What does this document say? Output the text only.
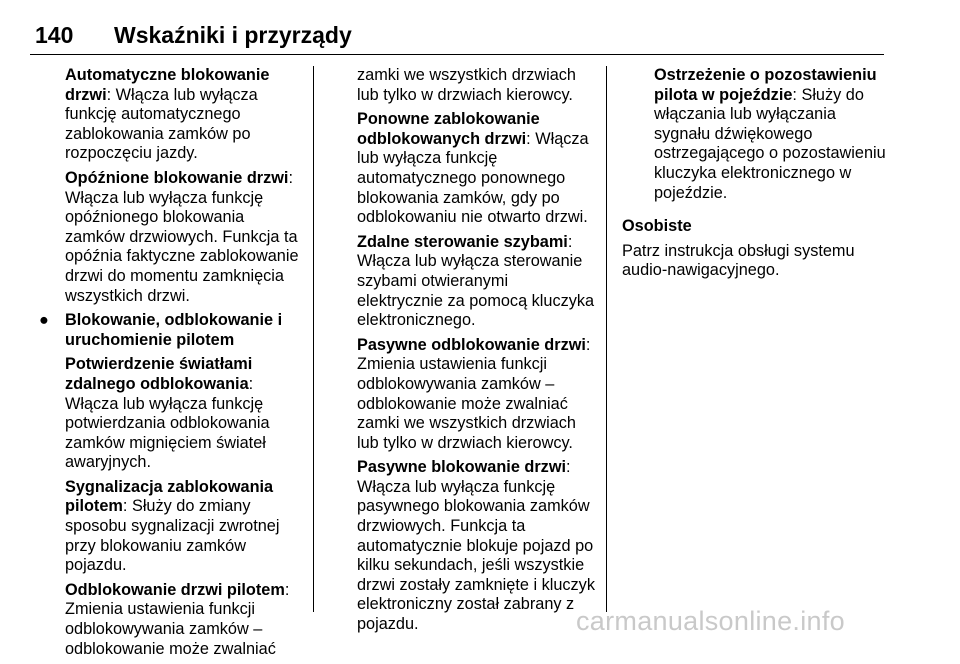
140 Wskaźniki i przyrządy

Automatyczne blokowanie drzwi: Włącza lub wyłącza funkcję automatycznego zablokowania zamków po rozpoczęciu jazdy.

Opóźnione blokowanie drzwi: Włącza lub wyłącza funkcję opóźnionego blokowania zamków drzwiowych. Funkcja ta opóźnia faktyczne zablokowanie drzwi do momentu zamknięcia wszystkich drzwi.

● Blokowanie, odblokowanie i uruchomienie pilotem

Potwierdzenie światłami zdalnego odblokowania: Włącza lub wyłącza funkcję potwierdzania odblokowania zamków mignięciem świateł awaryjnych.

Sygnalizacja zablokowania pilotem: Służy do zmiany sposobu sygnalizacji zwrotnej przy blokowaniu zamków pojazdu.

Odblokowanie drzwi pilotem: Zmienia ustawienia funkcji odblokowywania zamków – odblokowanie może zwalniać

zamki we wszystkich drzwiach lub tylko w drzwiach kierowcy.

Ponowne zablokowanie odblokowanych drzwi: Włącza lub wyłącza funkcję automatycznego ponownego blokowania zamków, gdy po odblokowaniu nie otwarto drzwi.

Zdalne sterowanie szybami: Włącza lub wyłącza sterowanie szybami otwieranymi elektrycznie za pomocą kluczyka elektronicznego.

Pasywne odblokowanie drzwi: Zmienia ustawienia funkcji odblokowywania zamków – odblokowanie może zwalniać zamki we wszystkich drzwiach lub tylko w drzwiach kierowcy.

Pasywne blokowanie drzwi: Włącza lub wyłącza funkcję pasywnego blokowania zamków drzwiowych. Funkcja ta automatycznie blokuje pojazd po kilku sekundach, jeśli wszystkie drzwi zostały zamknięte i kluczyk elektroniczny został zabrany z pojazdu.

Ostrzeżenie o pozostawieniu pilota w pojeździe: Służy do włączania lub wyłączania sygnału dźwiękowego ostrzegającego o pozostawieniu kluczyka elektronicznego w pojeździe.

Osobiste

Patrz instrukcja obsługi systemu audio-nawigacyjnego.

carmanualsonline.info
